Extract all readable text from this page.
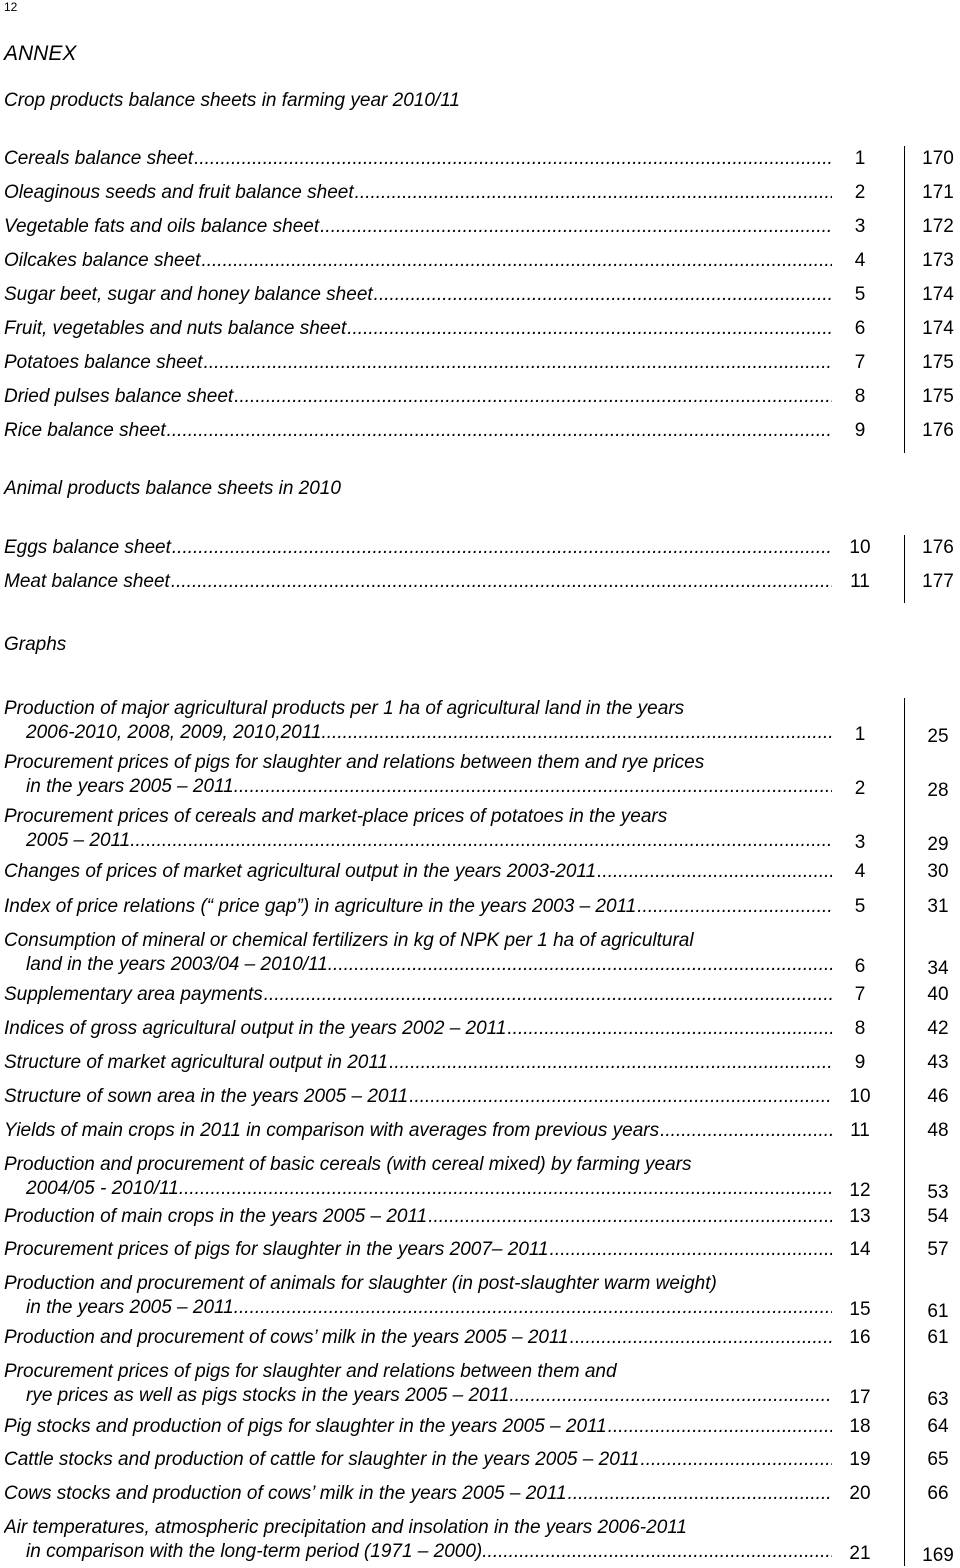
12
ANNEX
Crop products balance sheets in farming year 2010/11
Cereals balance sheet .....	1	170
Oleaginous seeds and fruit balance sheet .....	2	171
Vegetable fats and oils balance sheet .....	3	172
Oilcakes balance sheet .....	4	173
Sugar beet, sugar and honey balance sheet .....	5	174
Fruit, vegetables and nuts balance sheet .....	6	174
Potatoes balance sheet .....	7	175
Dried pulses balance sheet .....	8	175
Rice balance sheet .....	9	176
Animal products balance sheets in 2010
Eggs balance sheet .....	10	176
Meat balance sheet .....	11	177
Graphs
Production of major agricultural products per 1 ha of agricultural land in the years
2006-2010, 2008, 2009, 2010,2011 .....	1	25
Procurement prices of pigs for slaughter and relations between them and rye prices
in the years 2005 – 2011 .....	2	28
Procurement prices of cereals and market-place prices of potatoes in the years
2005 – 2011 .....	3	29
Changes of prices of market agricultural output in the years 2003-2011 .....	4	30
Index of price relations (“ price gap”) in agriculture in the years 2003 – 2011 .....	5	31
Consumption of mineral or chemical fertilizers in kg of NPK per 1 ha of agricultural
land in the years 2003/04 – 2010/11 .....	6	34
Supplementary area payments .....	7	40
Indices of gross agricultural output in the years 2002 – 2011 .....	8	42
Structure of market agricultural output in 2011 .....	9	43
Structure of sown area in the years 2005 – 2011 .....	10	46
Yields of main crops in 2011 in comparison with averages from previous years .....	11	48
Production and procurement of basic cereals (with cereal mixed) by farming years
2004/05 - 2010/11 .....	12	53
Production of main crops in the years 2005 – 2011 .....	13	54
Procurement prices of pigs for slaughter in the years 2007– 2011 .....	14	57
Production and procurement of animals for slaughter (in post-slaughter warm weight)
in the years 2005 – 2011 .....	15	61
Production and procurement of cows’ milk in the years 2005 – 2011 .....	16	61
Procurement prices of pigs for slaughter and relations between them and
rye prices as well as pigs stocks in the years 2005 – 2011 .....	17	63
Pig stocks and production of pigs for slaughter in the years 2005 – 2011 .....	18	64
Cattle stocks and production of cattle for slaughter in the years 2005 – 2011 .....	19	65
Cows stocks and production of cows’ milk in the years 2005 – 2011 .....	20	66
Air temperatures, atmospheric precipitation and insolation in the years 2006-2011
in comparison with the long-term period (1971 – 2000) .....	21	169
